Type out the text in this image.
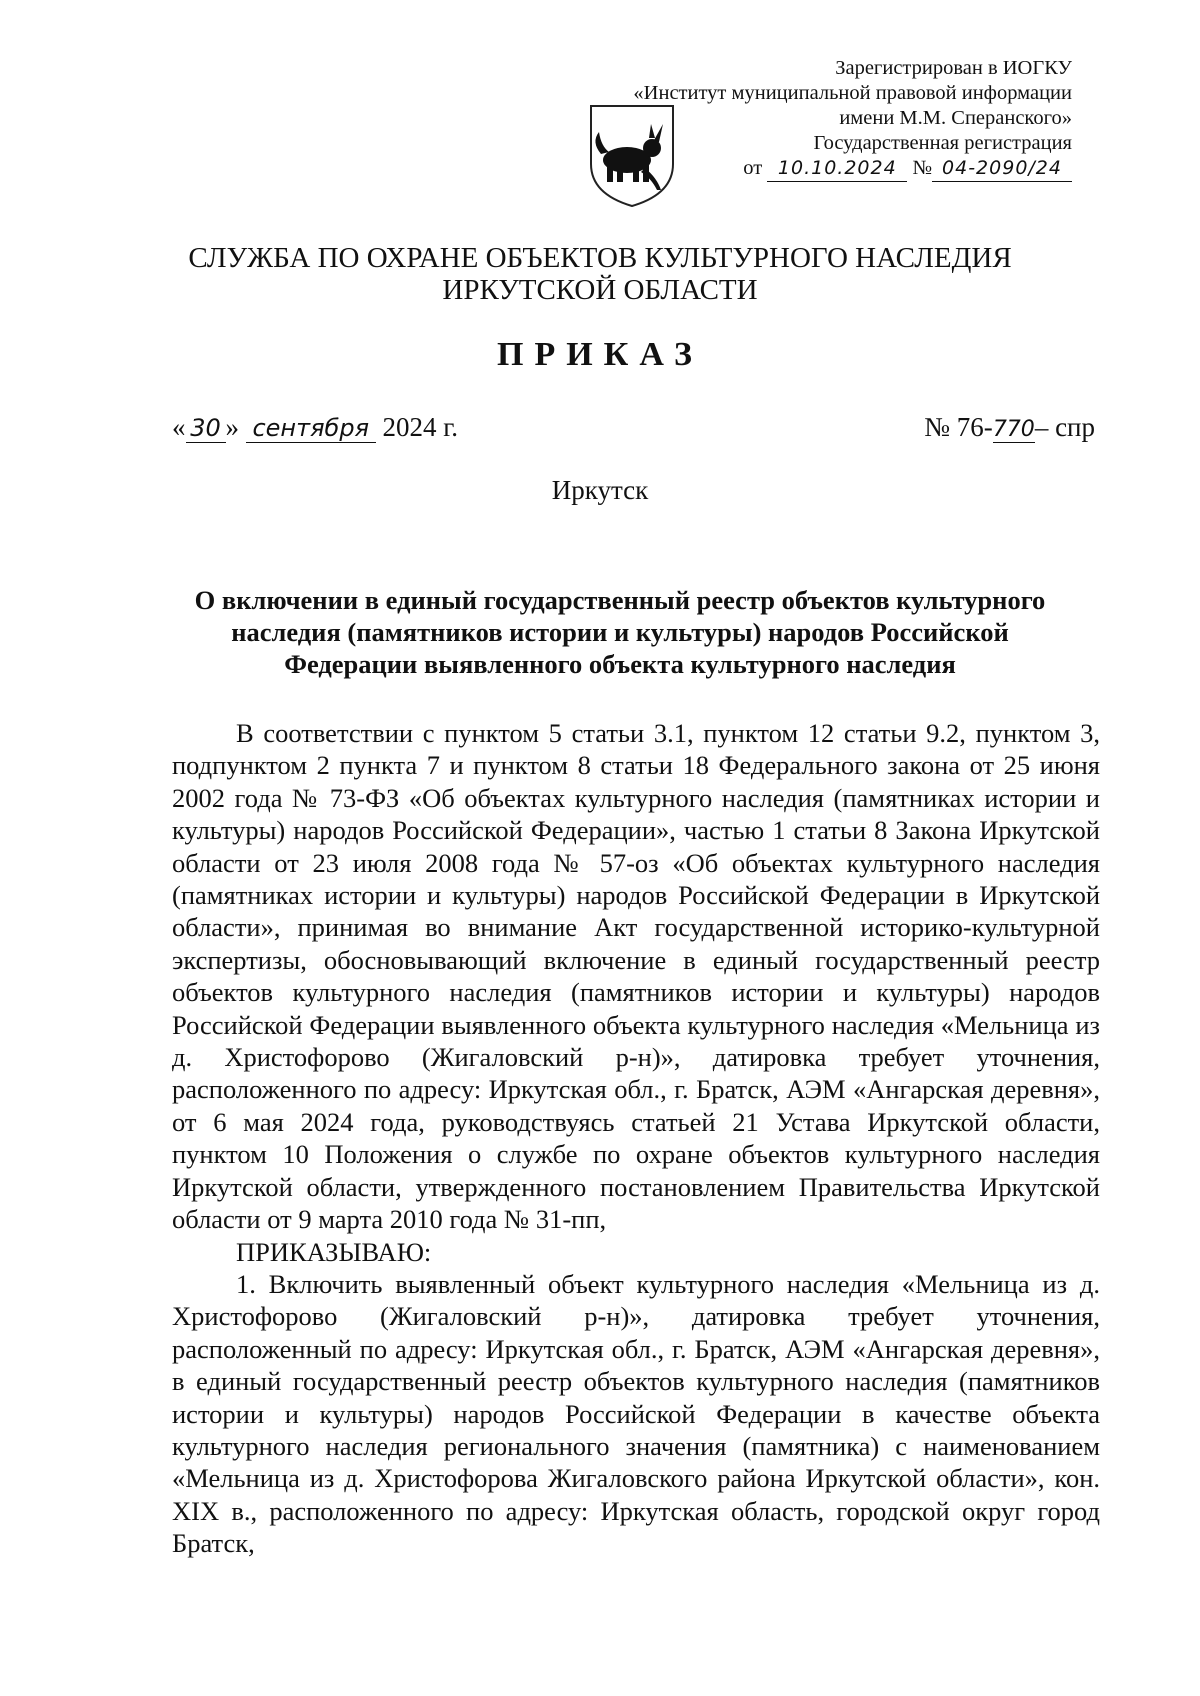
Зарегистрирован в ИОГКУ
«Институт муниципальной правовой информации
имени М.М. Сперанского»
Государственная регистрация
от 10.10.2024 № 04-2090/24
СЛУЖБА ПО ОХРАНЕ ОБЪЕКТОВ КУЛЬТУРНОГО НАСЛЕДИЯ
ИРКУТСКОЙ ОБЛАСТИ
ПРИКАЗ
« 30 » сентября 2024 г.	№ 76-770– спр
Иркутск
О включении в единый государственный реестр объектов культурного наследия (памятников истории и культуры) народов Российской Федерации выявленного объекта культурного наследия

В соответствии с пунктом 5 статьи 3.1, пунктом 12 статьи 9.2, пунктом 3, подпунктом 2 пункта 7 и пунктом 8 статьи 18 Федерального закона от 25 июня 2002 года № 73-ФЗ «Об объектах культурного наследия (памятниках истории и культуры) народов Российской Федерации», частью 1 статьи 8 Закона Иркутской области от 23 июля 2008 года № 57-оз «Об объектах культурного наследия (памятниках истории и культуры) народов Российской Федерации в Иркутской области», принимая во внимание Акт государственной историко-культурной экспертизы, обосновывающий включение в единый государственный реестр объектов культурного наследия (памятников истории и культуры) народов Российской Федерации выявленного объекта культурного наследия «Мельница из д. Христофорово (Жигаловский р-н)», датировка требует уточнения, расположенного по адресу: Иркутская обл., г. Братск, АЭМ «Ангарская деревня», от 6 мая 2024 года, руководствуясь статьей 21 Устава Иркутской области, пунктом 10 Положения о службе по охране объектов культурного наследия Иркутской области, утвержденного постановлением Правительства Иркутской области от 9 марта 2010 года № 31-пп,

ПРИКАЗЫВАЮ:

1. Включить выявленный объект культурного наследия «Мельница из д. Христофорово (Жигаловский р-н)», датировка требует уточнения, расположенный по адресу: Иркутская обл., г. Братск, АЭМ «Ангарская деревня», в единый государственный реестр объектов культурного наследия (памятников истории и культуры) народов Российской Федерации в качестве объекта культурного наследия регионального значения (памятника) с наименованием «Мельница из д. Христофорова Жигаловского района Иркутской области», кон. XIX в., расположенного по адресу: Иркутская область, городской округ город Братск,
